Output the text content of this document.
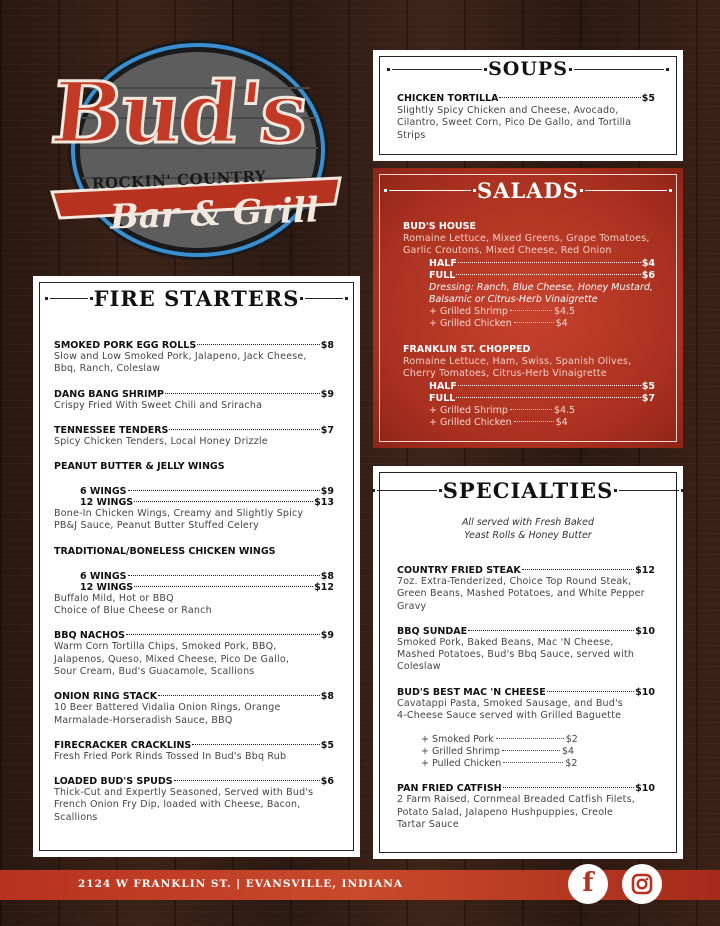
Bud's
ROCKIN' COUNTRY
Bar & Grill
SOUPS
CHICKEN TORTILLA	$5
Slightly Spicy Chicken and Cheese, Avocado,
Cilantro, Sweet Corn, Pico De Gallo, and Tortilla
Strips
SALADS
BUD'S HOUSE
Romaine Lettuce, Mixed Greens, Grape Tomatoes,
Garlic Croutons, Mixed Cheese, Red Onion
HALF	$4
FULL	$6
Dressing: Ranch, Blue Cheese, Honey Mustard,
Balsamic or Citrus-Herb Vinaigrette
+ Grilled Shrimp	$4.5
+ Grilled Chicken	$4
FRANKLIN ST. CHOPPED
Romaine Lettuce, Ham, Swiss, Spanish Olives,
Cherry Tomatoes, Citrus-Herb Vinaigrette
HALF	$5
FULL	$7
+ Grilled Shrimp	$4.5
+ Grilled Chicken	$4
FIRE STARTERS
SMOKED PORK EGG ROLLS	$8
Slow and Low Smoked Pork, Jalapeno, Jack Cheese,
Bbq, Ranch, Coleslaw
DANG BANG SHRIMP	$9
Crispy Fried With Sweet Chili and Sriracha
TENNESSEE TENDERS	$7
Spicy Chicken Tenders, Local Honey Drizzle
PEANUT BUTTER & JELLY WINGS
6 WINGS	$9
12 WINGS	$13
Bone-In Chicken Wings, Creamy and Slightly Spicy
PB&J Sauce, Peanut Butter Stuffed Celery
TRADITIONAL/BONELESS CHICKEN WINGS
6 WINGS	$8
12 WINGS	$12
Buffalo Mild, Hot or BBQ
Choice of Blue Cheese or Ranch
BBQ NACHOS	$9
Warm Corn Tortilla Chips, Smoked Pork, BBQ,
Jalapenos, Queso, Mixed Cheese, Pico De Gallo,
Sour Cream, Bud's Guacamole, Scallions
ONION RING STACK	$8
10 Beer Battered Vidalia Onion Rings, Orange
Marmalade-Horseradish Sauce, BBQ
FIRECRACKER CRACKLINS	$5
Fresh Fried Pork Rinds Tossed In Bud's Bbq Rub
LOADED BUD'S SPUDS	$6
Thick-Cut and Expertly Seasoned, Served with Bud's
French Onion Fry Dip, loaded with Cheese, Bacon,
Scallions
SPECIALTIES
All served with Fresh Baked
Yeast Rolls & Honey Butter
COUNTRY FRIED STEAK	$12
7oz. Extra-Tenderized, Choice Top Round Steak,
Green Beans, Mashed Potatoes, and White Pepper
Gravy
BBQ SUNDAE	$10
Smoked Pork, Baked Beans, Mac 'N Cheese,
Mashed Potatoes, Bud's Bbq Sauce, served with
Coleslaw
BUD'S BEST MAC 'N CHEESE	$10
Cavatappi Pasta, Smoked Sausage, and Bud's
4-Cheese Sauce served with Grilled Baguette
+ Smoked Pork	$2
+ Grilled Shrimp	$4
+ Pulled Chicken	$2
PAN FRIED CATFISH	$10
2 Farm Raised, Cornmeal Breaded Catfish Filets,
Potato Salad, Jalapeno Hushpuppies, Creole
Tartar Sauce
2124 W FRANKLIN ST. | EVANSVILLE, INDIANA	f
